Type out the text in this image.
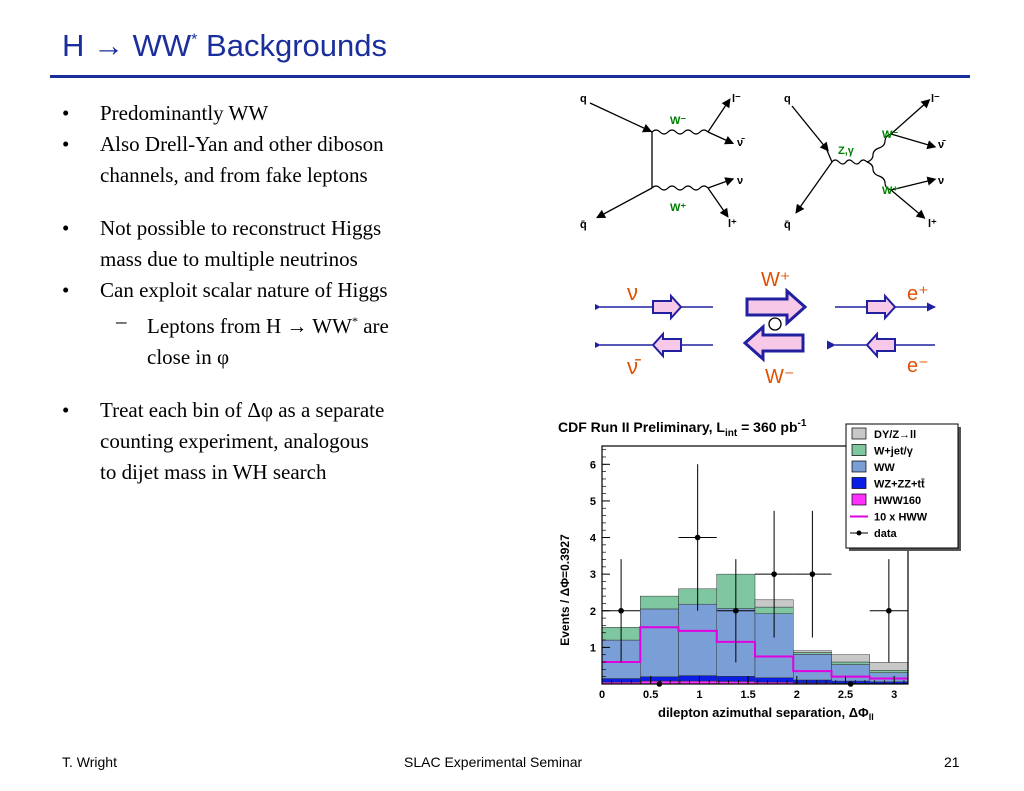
H → WW* Backgrounds
• Predominantly WW
• Also Drell-Yan and other diboson
channels, and from fake leptons
• Not possible to reconstruct Higgs
mass due to multiple neutrinos
• Can exploit scalar nature of Higgs
– Leptons from H → WW* are
close in φ
• Treat each bin of Δφ as a separate
counting experiment, analogous
to dijet mass in WH search
q
q̄
W⁻
W⁺
l⁻
ν̄
ν
l⁺
q
q̄
Z,γ
W⁻
W⁺
l⁻
ν̄
ν
l⁺
ν
ν̄
W⁺
W⁻
e⁺
e⁻
CDF Run II Preliminary, $L_{int} = 360$ $pb^{-1}$
Events / ΔΦ=0.3927
dilepton azimuthal separation, $\Delta\Phi_{ll}$
0	0.5	1	1.5	2	2.5	3
1
2
3
4
5
6
DY/Z→ll
W+jet/γ
WW
WZ+ZZ+tt̄
HWW160
10 x HWW
data
T. Wright	SLAC Experimental Seminar	21
